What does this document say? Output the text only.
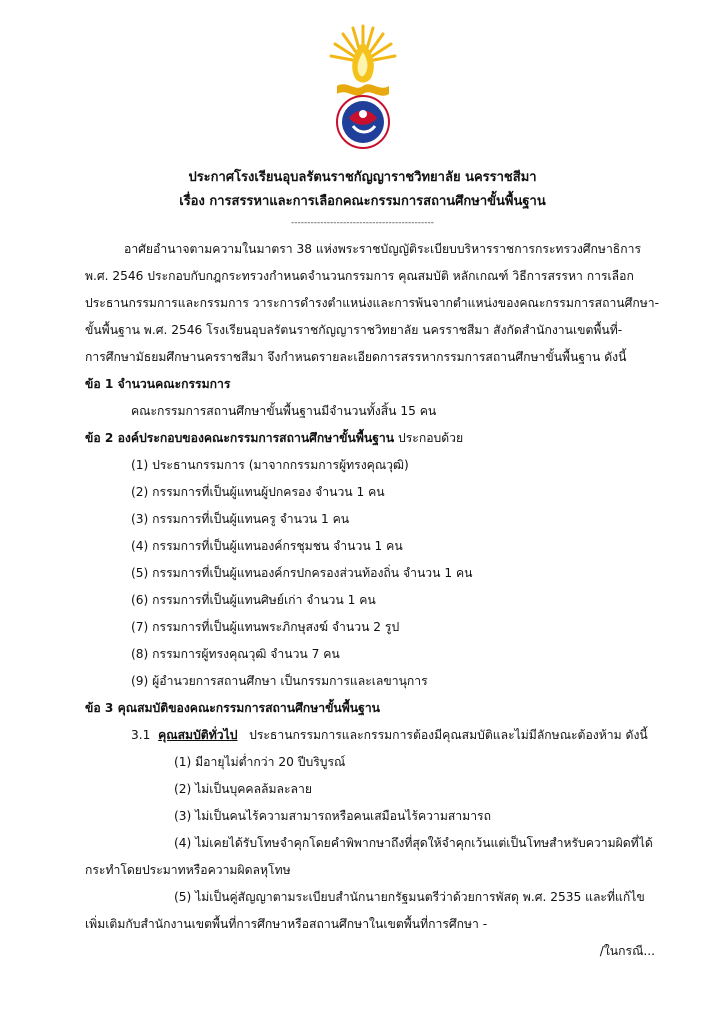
ประกาศโรงเรียนอุบลรัตนราชกัญญาราชวิทยาลัย นครราชสีมา
เรื่อง การสรรหาและการเลือกคณะกรรมการสถานศึกษาขั้นพื้นฐาน
--------------------------------------------
อาศัยอำนาจตามความในมาตรา 38 แห่งพระราชบัญญัติระเบียบบริหารราชการกระทรวงศึกษาธิการ
พ.ศ. 2546 ประกอบกับกฎกระทรวงกำหนดจำนวนกรรมการ คุณสมบัติ หลักเกณฑ์ วิธีการสรรหา การเลือก
ประธานกรรมการและกรรมการ วาระการดำรงตำแหน่งและการพ้นจากตำแหน่งของคณะกรรมการสถานศึกษา-
ขั้นพื้นฐาน พ.ศ. 2546 โรงเรียนอุบลรัตนราชกัญญาราชวิทยาลัย นครราชสีมา สังกัดสำนักงานเขตพื้นที่-
การศึกษามัธยมศึกษานครราชสีมา จึงกำหนดรายละเอียดการสรรหากรรมการสถานศึกษาขั้นพื้นฐาน ดังนี้
ข้อ 1 จำนวนคณะกรรมการ
คณะกรรมการสถานศึกษาขั้นพื้นฐานมีจำนวนทั้งสิ้น 15 คน
ข้อ 2 องค์ประกอบของคณะกรรมการสถานศึกษาขั้นพื้นฐาน ประกอบด้วย
(1) ประธานกรรมการ (มาจากกรรมการผู้ทรงคุณวุฒิ)
(2) กรรมการที่เป็นผู้แทนผู้ปกครอง จำนวน 1 คน
(3) กรรมการที่เป็นผู้แทนครู จำนวน 1 คน
(4) กรรมการที่เป็นผู้แทนองค์กรชุมชน จำนวน 1 คน
(5) กรรมการที่เป็นผู้แทนองค์กรปกครองส่วนท้องถิ่น จำนวน 1 คน
(6) กรรมการที่เป็นผู้แทนศิษย์เก่า จำนวน 1 คน
(7) กรรมการที่เป็นผู้แทนพระภิกษุสงฆ์ จำนวน 2 รูป
(8) กรรมการผู้ทรงคุณวุฒิ จำนวน 7 คน
(9) ผู้อำนวยการสถานศึกษา เป็นกรรมการและเลขานุการ
ข้อ 3 คุณสมบัติของคณะกรรมการสถานศึกษาขั้นพื้นฐาน
3.1 คุณสมบัติทั่วไป ประธานกรรมการและกรรมการต้องมีคุณสมบัติและไม่มีลักษณะต้องห้าม ดังนี้
(1) มีอายุไม่ต่ำกว่า 20 ปีบริบูรณ์
(2) ไม่เป็นบุคคลล้มละลาย
(3) ไม่เป็นคนไร้ความสามารถหรือคนเสมือนไร้ความสามารถ
(4) ไม่เคยได้รับโทษจำคุกโดยคำพิพากษาถึงที่สุดให้จำคุกเว้นแต่เป็นโทษสำหรับความผิดที่ได้
กระทำโดยประมาทหรือความผิดลหุโทษ
(5) ไม่เป็นคู่สัญญาตามระเบียบสำนักนายกรัฐมนตรีว่าด้วยการพัสดุ พ.ศ. 2535 และที่แก้ไข
เพิ่มเติมกับสำนักงานเขตพื้นที่การศึกษาหรือสถานศึกษาในเขตพื้นที่การศึกษา -
/ในกรณี...
